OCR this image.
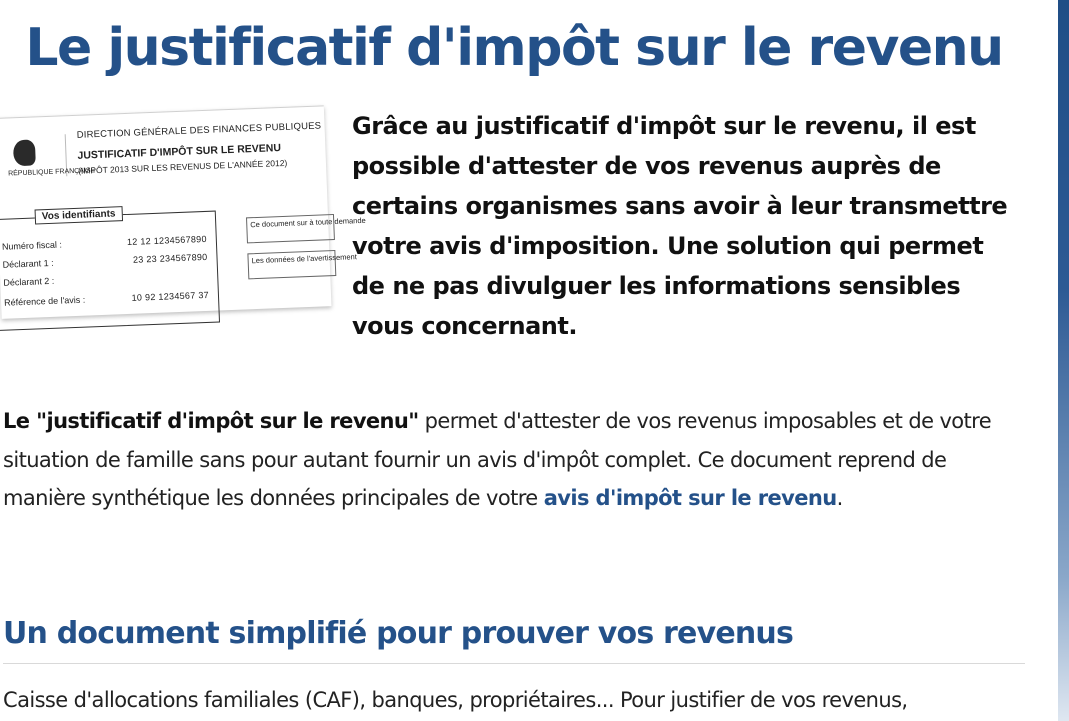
Le justificatif d'impôt sur le revenu
RÉPUBLIQUE FRANÇAISE
DIRECTION GÉNÉRALE DES FINANCES PUBLIQUES
JUSTIFICATIF D'IMPÔT SUR LE REVENU
(IMPÔT 2013 SUR LES REVENUS DE L'ANNÉE 2012)
Vos identifiants
Numéro fiscal :	12 12 1234567890
Déclarant 1 :	23 23 234567890
Déclarant 2 :
Référence de l'avis :	10 92 1234567 37
Ce document sur à toute demande
Les données de l'avertissement

Grâce au justificatif d'impôt sur le revenu, il est possible d'attester de vos revenus auprès de certains organismes sans avoir à leur transmettre votre avis d'imposition. Une solution qui permet de ne pas divulguer les informations sensibles vous concernant.

Le "justificatif d'impôt sur le revenu" permet d'attester de vos revenus imposables et de votre situation de famille sans pour autant fournir un avis d'impôt complet. Ce document reprend de manière synthétique les données principales de votre avis d'impôt sur le revenu.

Un document simplifié pour prouver vos revenus

Caisse d'allocations familiales (CAF), banques, propriétaires... Pour justifier de vos revenus,
